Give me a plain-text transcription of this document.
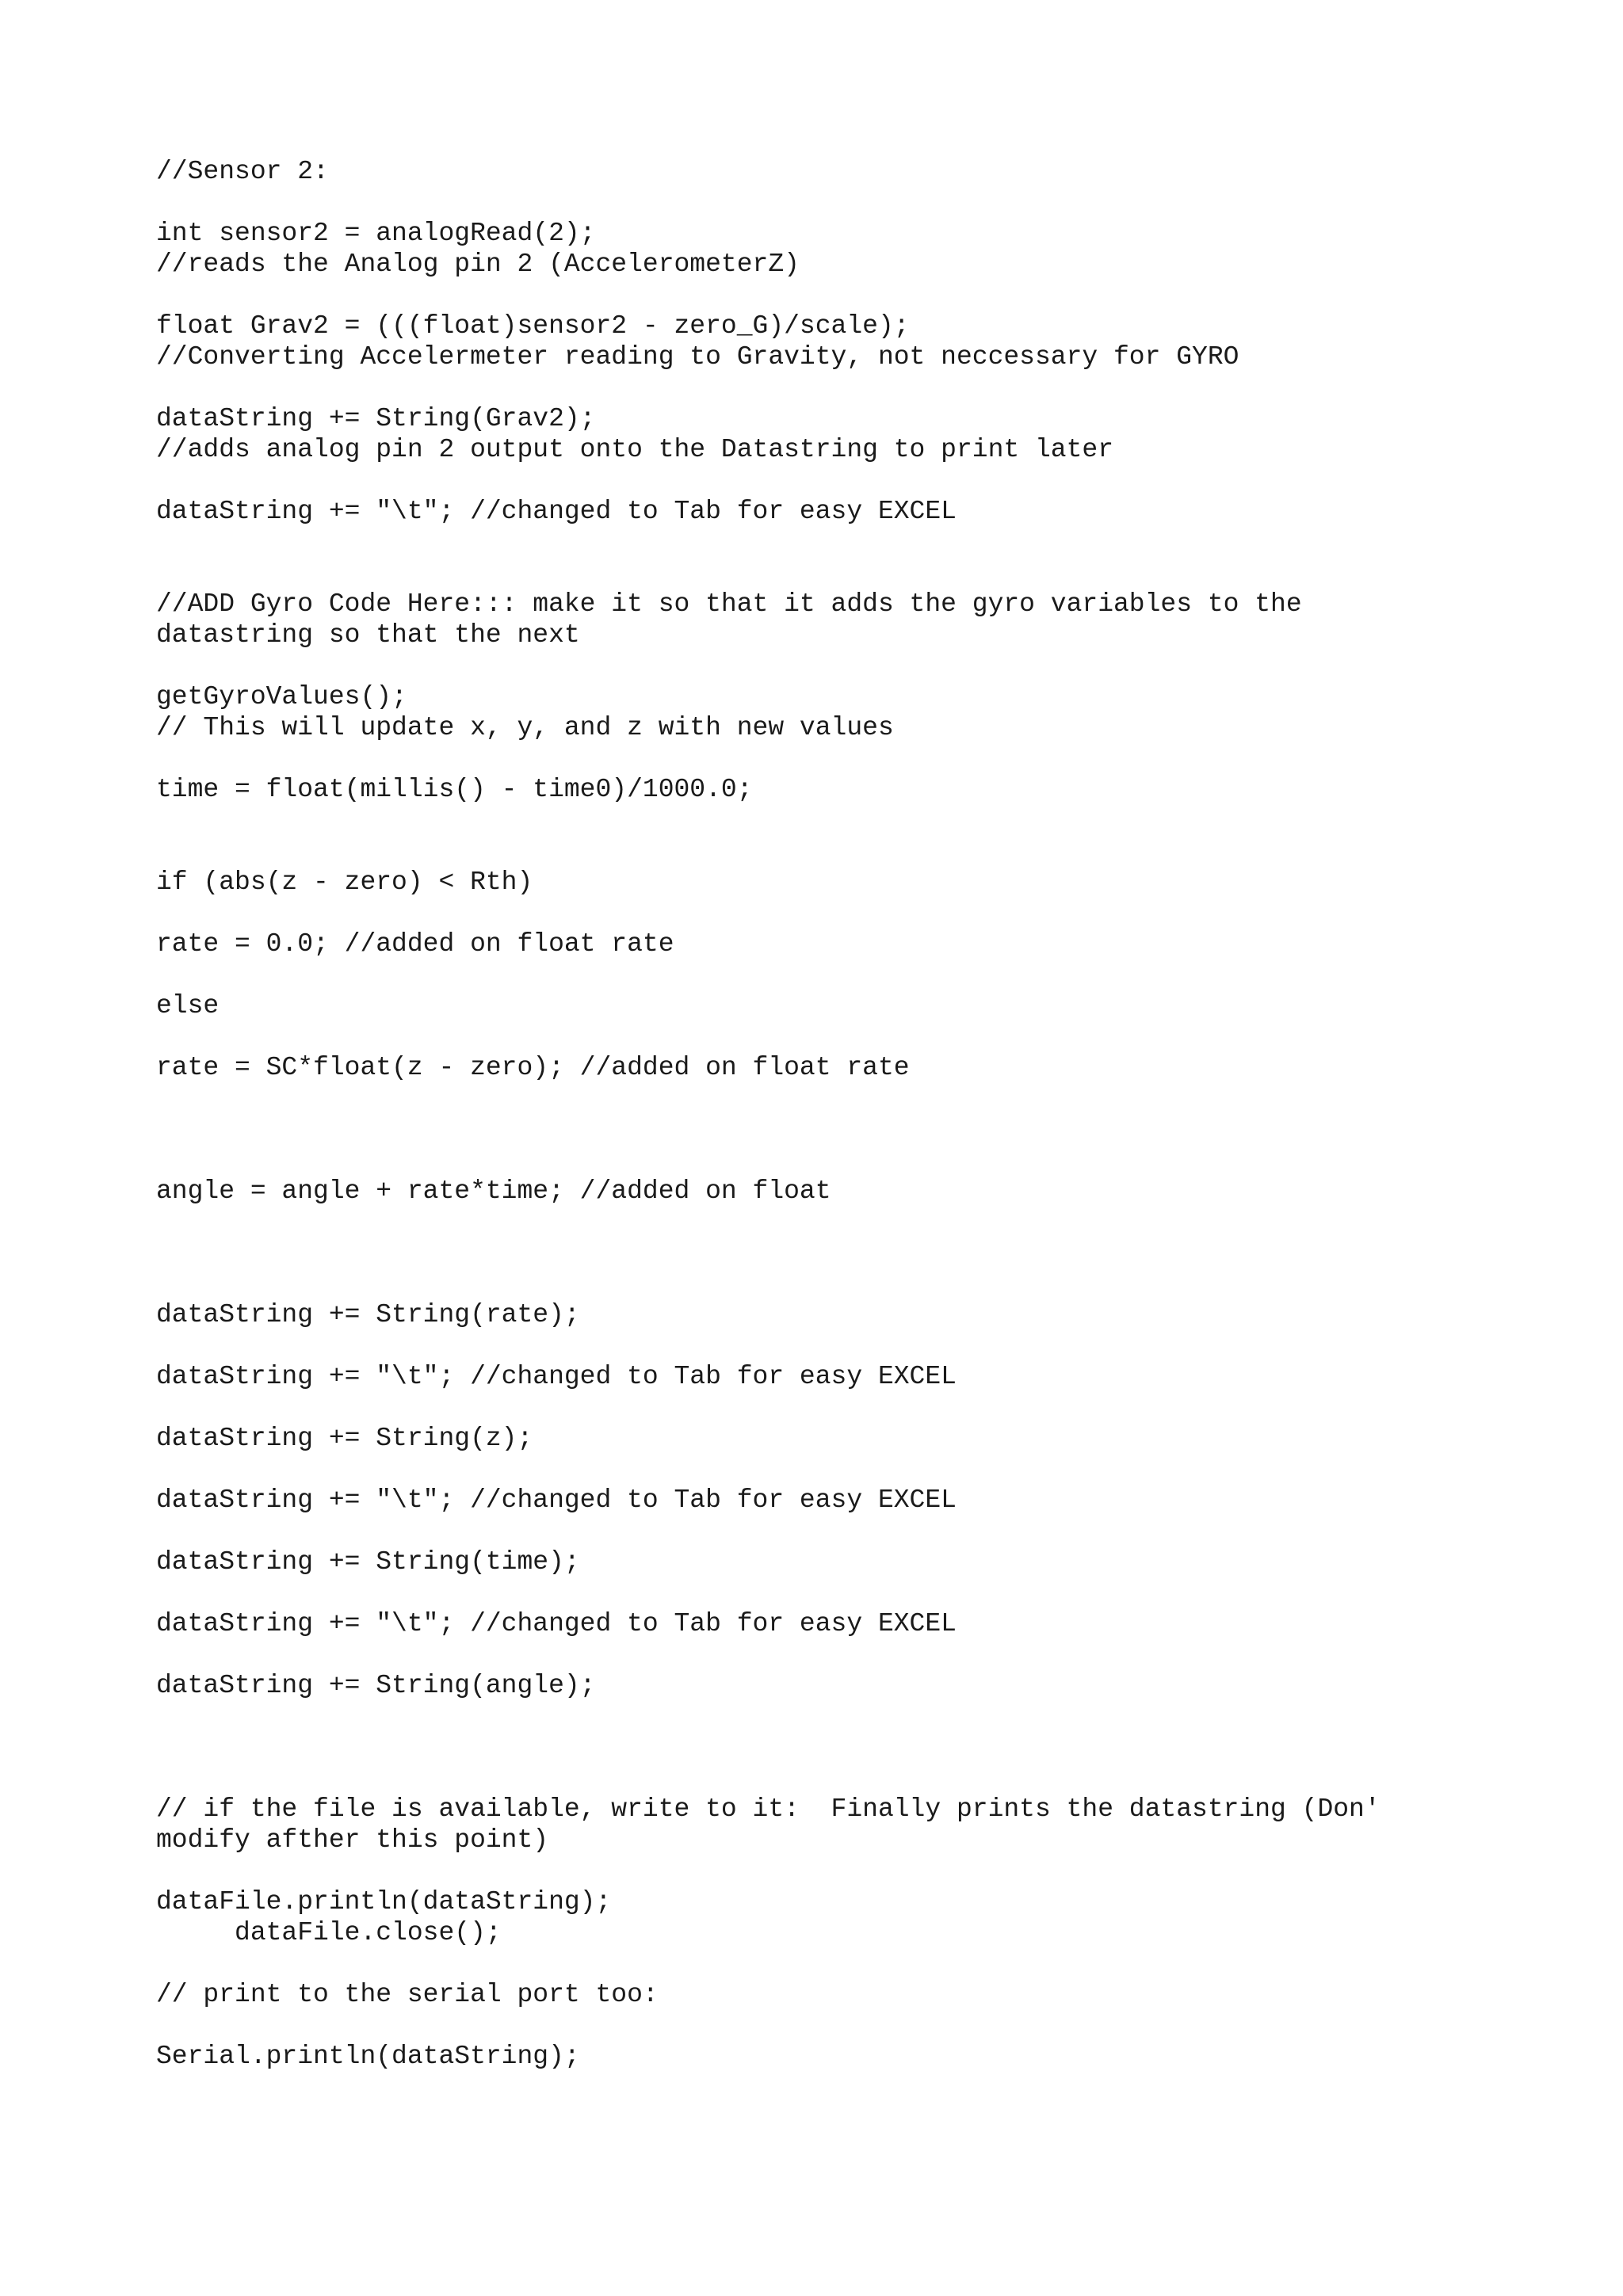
//Sensor 2:
int sensor2 = analogRead(2);
//reads the Analog pin 2 (AccelerometerZ)
float Grav2 = (((float)sensor2 - zero_G)/scale);
//Converting Accelermeter reading to Gravity, not neccessary for GYRO
dataString += String(Grav2);
//adds analog pin 2 output onto the Datastring to print later
dataString += "\t"; //changed to Tab for easy EXCEL
//ADD Gyro Code Here::: make it so that it adds the gyro variables to the
datastring so that the next
getGyroValues();
// This will update x, y, and z with new values
time = float(millis() - time0)/1000.0;
if (abs(z - zero) < Rth)
rate = 0.0; //added on float rate
else
rate = SC*float(z - zero); //added on float rate
angle = angle + rate*time; //added on float
dataString += String(rate);
dataString += "\t"; //changed to Tab for easy EXCEL
dataString += String(z);
dataString += "\t"; //changed to Tab for easy EXCEL
dataString += String(time);
dataString += "\t"; //changed to Tab for easy EXCEL
dataString += String(angle);
// if the file is available, write to it:  Finally prints the datastring (Don'
modify afther this point)
dataFile.println(dataString);
dataFile.close();
// print to the serial port too:
Serial.println(dataString);
